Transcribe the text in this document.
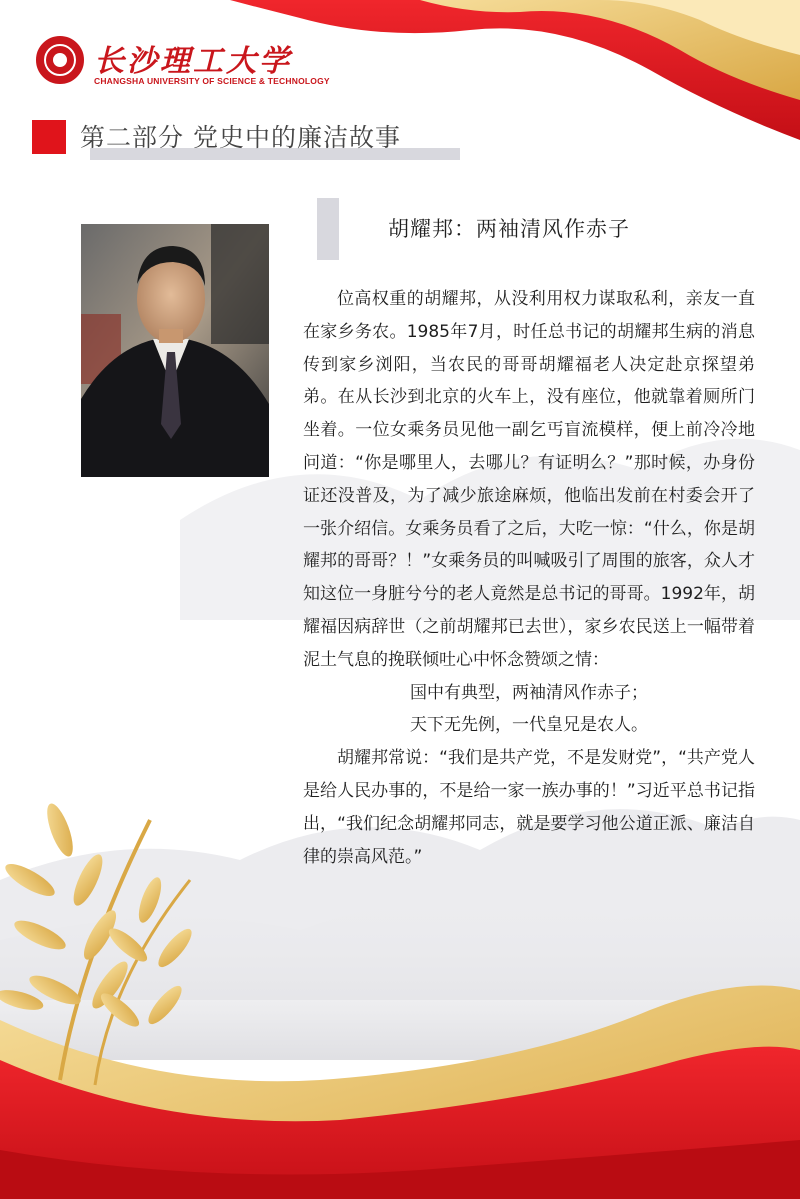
长沙理工大学
CHANGSHA UNIVERSITY OF SCIENCE & TECHNOLOGY
第二部分 党史中的廉洁故事
胡耀邦：两袖清风作赤子

位高权重的胡耀邦，从没利用权力谋取私利，亲友一直在家乡务农。1985年7月，时任总书记的胡耀邦生病的消息传到家乡浏阳，当农民的哥哥胡耀福老人决定赴京探望弟弟。在从长沙到北京的火车上，没有座位，他就靠着厕所门坐着。一位女乘务员见他一副乞丐盲流模样，便上前冷冷地问道：“你是哪里人，去哪儿？有证明么？”那时候，办身份证还没普及，为了减少旅途麻烦，他临出发前在村委会开了一张介绍信。女乘务员看了之后，大吃一惊：“什么，你是胡耀邦的哥哥？！”女乘务员的叫喊吸引了周围的旅客，众人才知这位一身脏兮兮的老人竟然是总书记的哥哥。1992年，胡耀福因病辞世（之前胡耀邦已去世），家乡农民送上一幅带着泥土气息的挽联倾吐心中怀念赞颂之情：

国中有典型，两袖清风作赤子；

天下无先例，一代皇兄是农人。

胡耀邦常说：“我们是共产党，不是发财党”，“共产党人是给人民办事的，不是给一家一族办事的！”习近平总书记指出，“我们纪念胡耀邦同志，就是要学习他公道正派、廉洁自律的崇高风范。”
